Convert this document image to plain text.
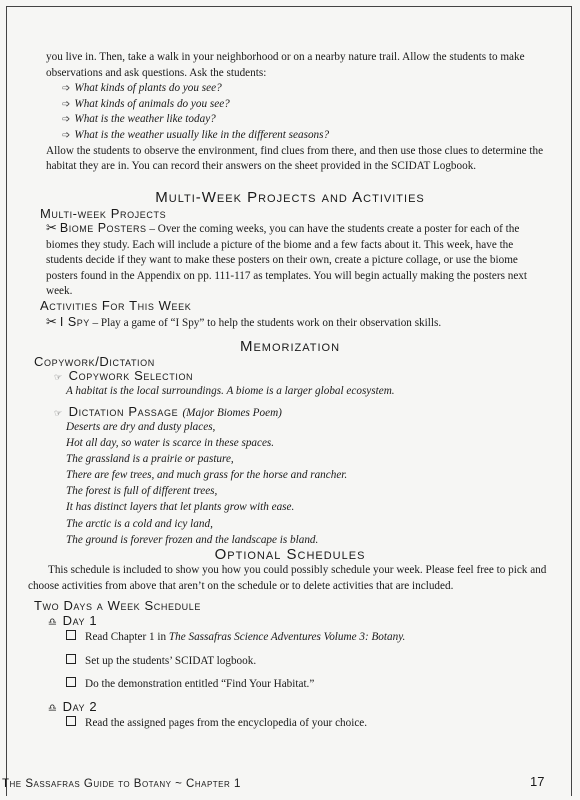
you live in. Then, take a walk in your neighborhood or on a nearby nature trail. Allow the students to make observations and ask questions. Ask the students:
➩ What kinds of plants do you see?
➩ What kinds of animals do you see?
➩ What is the weather like today?
➩ What is the weather usually like in the different seasons?
Allow the students to observe the environment, find clues from there, and then use those clues to determine the habitat they are in. You can record their answers on the sheet provided in the SCIDAT Logbook.
Multi-Week Projects and Activities
Multi-week Projects
✂ Biome Posters – Over the coming weeks, you can have the students create a poster for each of the biomes they study. Each will include a picture of the biome and a few facts about it. This week, have the students decide if they want to make these posters on their own, create a picture collage, or use the biome posters found in the Appendix on pp. 111-117 as templates. You will begin actually making the posters next week.
Activities For This Week
✂ I Spy – Play a game of “I Spy” to help the students work on their observation skills.
Memorization
Copywork/Dictation
☞ Copywork Selection
A habitat is the local surroundings. A biome is a larger global ecosystem.
☞ Dictation Passage (Major Biomes Poem)
Deserts are dry and dusty places,
Hot all day, so water is scarce in these spaces.
The grassland is a prairie or pasture,
There are few trees, and much grass for the horse and rancher.
The forest is full of different trees,
It has distinct layers that let plants grow with ease.
The arctic is a cold and icy land,
The ground is forever frozen and the landscape is bland.
Optional Schedules
This schedule is included to show you how you could possibly schedule your week. Please feel free to pick and choose activities from above that aren’t on the schedule or to delete activities that are included.
Two Days a Week Schedule
♎ Day 1
Read Chapter 1 in The Sassafras Science Adventures Volume 3: Botany.
Set up the students’ SCIDAT logbook.
Do the demonstration entitled “Find Your Habitat.”
♎ Day 2
Read the assigned pages from the encyclopedia of your choice.
The Sassafras Guide to Botany ~ Chapter 1	17
